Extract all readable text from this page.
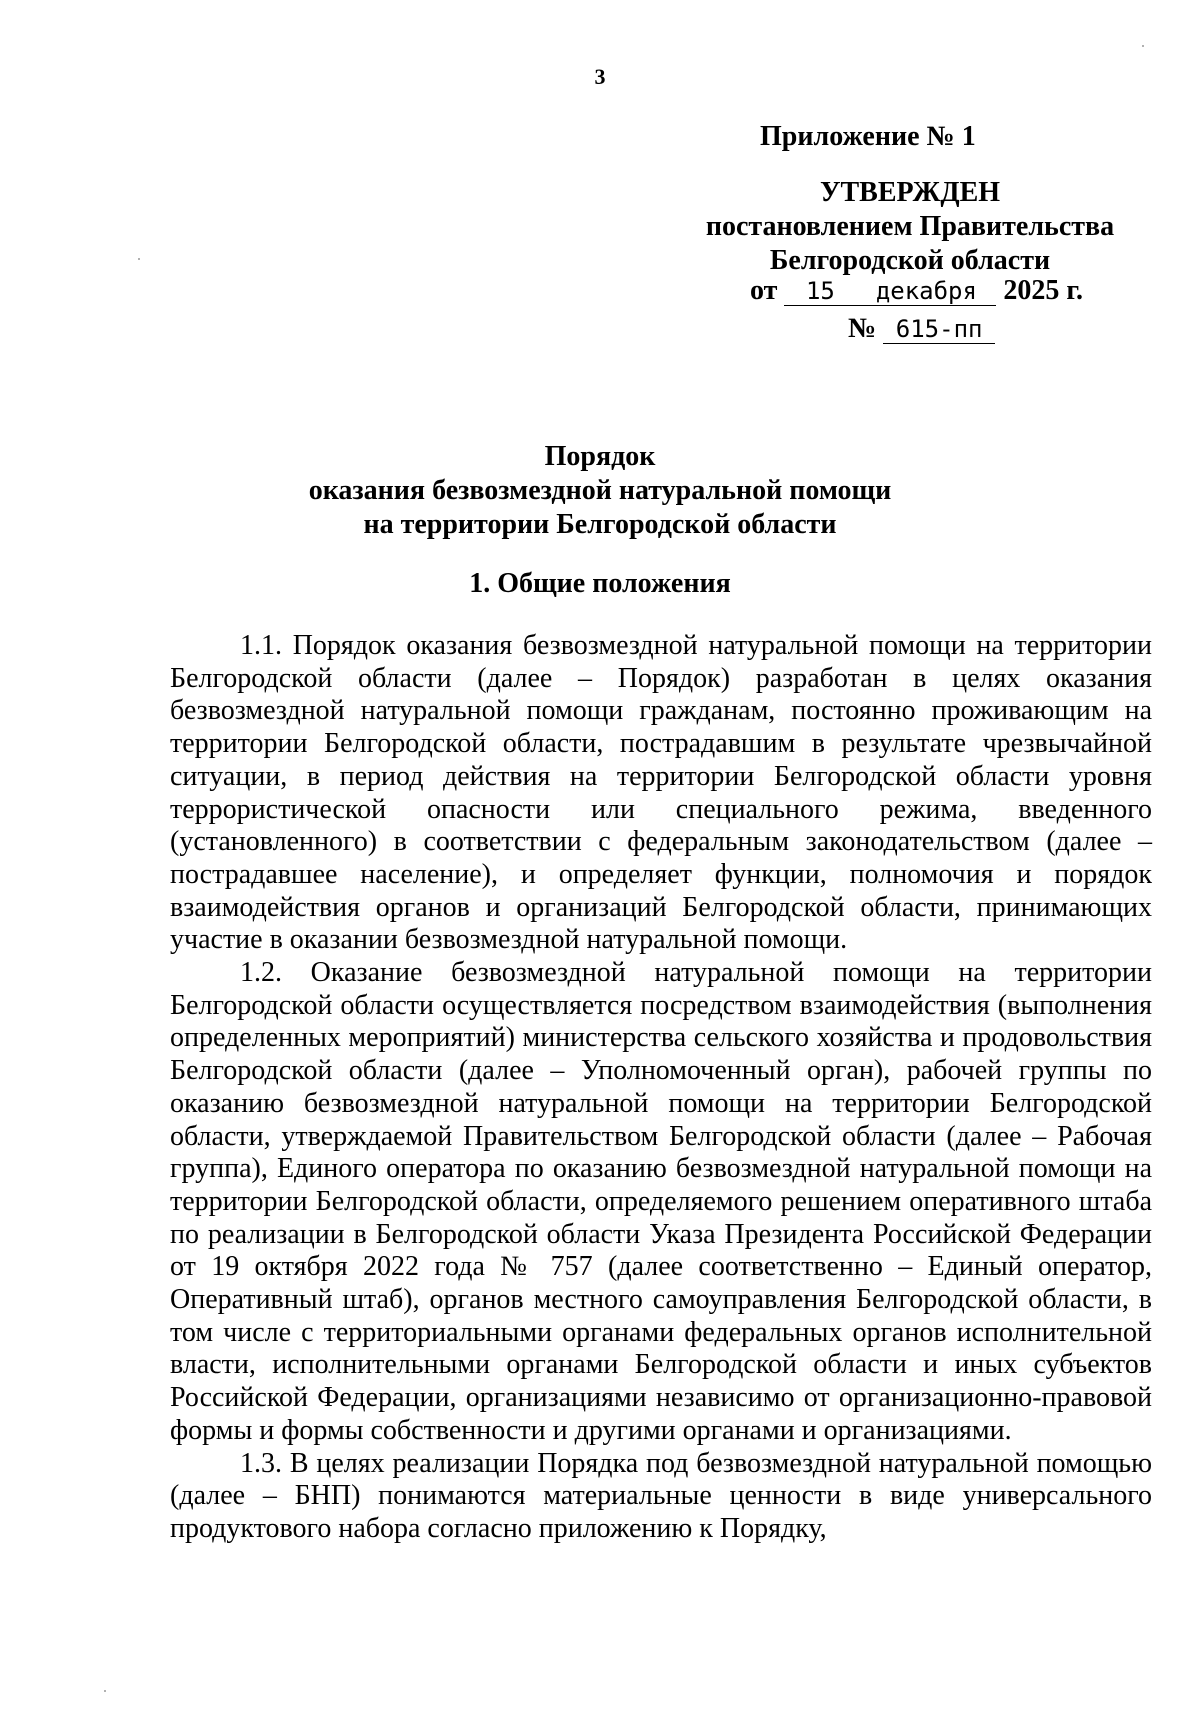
3
Приложение № 1
УТВЕРЖДЕН
постановлением Правительства
Белгородской области
от 15 декабря 2025 г.
№ 615-пп
Порядок
оказания безвозмездной натуральной помощи
на территории Белгородской области
1. Общие положения

1.1. Порядок оказания безвозмездной натуральной помощи на территории Белгородской области (далее – Порядок) разработан в целях оказания безвозмездной натуральной помощи гражданам, постоянно проживающим на территории Белгородской области, пострадавшим в результате чрезвычайной ситуации, в период действия на территории Белгородской области уровня террористической опасности или специального режима, введенного (установленного) в соответствии с федеральным законодательством (далее – пострадавшее население), и определяет функции, полномочия и порядок взаимодействия органов и организаций Белгородской области, принимающих участие в оказании безвозмездной натуральной помощи.

1.2. Оказание безвозмездной натуральной помощи на территории Белгородской области осуществляется посредством взаимодействия (выполнения определенных мероприятий) министерства сельского хозяйства и продовольствия Белгородской области (далее – Уполномоченный орган), рабочей группы по оказанию безвозмездной натуральной помощи на территории Белгородской области, утверждаемой Правительством Белгородской области (далее – Рабочая группа), Единого оператора по оказанию безвозмездной натуральной помощи на территории Белгородской области, определяемого решением оперативного штаба по реализации в Белгородской области Указа Президента Российской Федерации от 19 октября 2022 года № 757 (далее соответственно – Единый оператор, Оперативный штаб), органов местного самоуправления Белгородской области, в том числе с территориальными органами федеральных органов исполнительной власти, исполнительными органами Белгородской области и иных субъектов Российской Федерации, организациями независимо от организационно-правовой формы и формы собственности и другими органами и организациями.

1.3. В целях реализации Порядка под безвозмездной натуральной помощью (далее – БНП) понимаются материальные ценности в виде универсального продуктового набора согласно приложению к Порядку,
